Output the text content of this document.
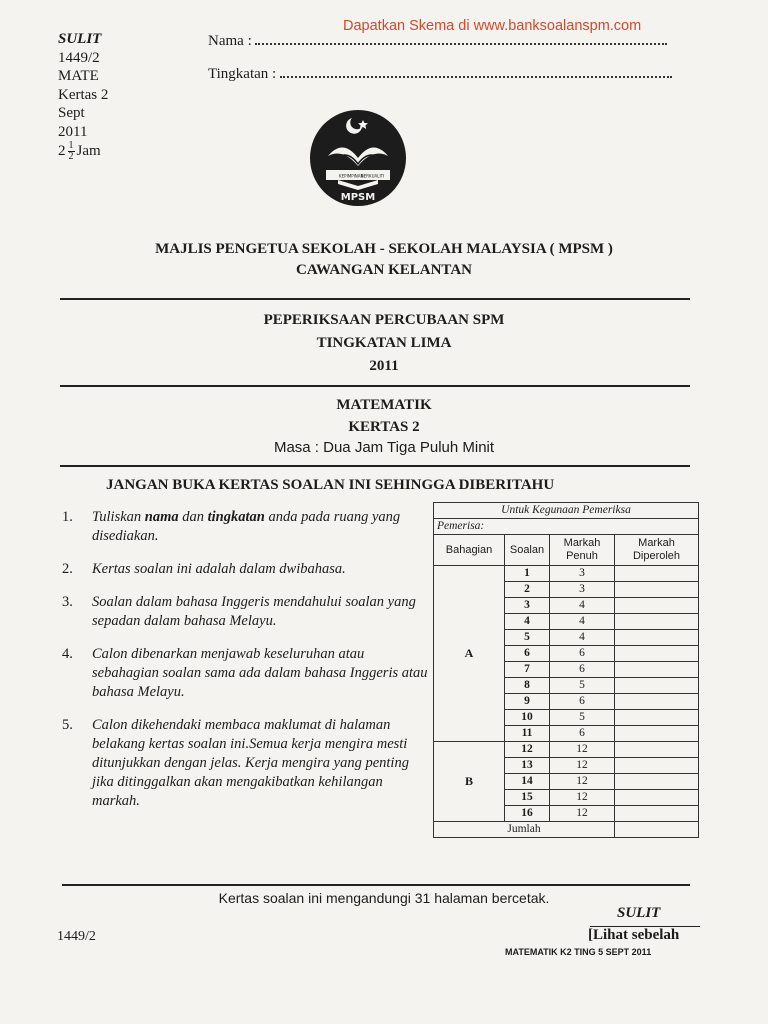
Dapatkan Skema di www.banksoalanspm.com
SULIT
1449/2
MATE
Kertas 2
Sept
2011
$2 \frac{1}{2}$ Jam
Nama :
Tingkatan :
KEPIMPINAN
BERKUALITI
MPSM
MAJLIS PENGETUA SEKOLAH - SEKOLAH MALAYSIA ( MPSM )
CAWANGAN KELANTAN
PEPERIKSAAN PERCUBAAN SPM
TINGKATAN LIMA
2011
MATEMATIK
KERTAS 2
Masa : Dua Jam Tiga Puluh Minit
JANGAN BUKA KERTAS SOALAN INI SEHINGGA DIBERITAHU
1. Tuliskan nama dan tingkatan anda pada ruang yang disediakan.
2. Kertas soalan ini adalah dalam dwibahasa.
3. Soalan dalam bahasa Inggeris mendahului soalan yang sepadan dalam bahasa Melayu.
4. Calon dibenarkan menjawab keseluruhan atau sebahagian soalan sama ada dalam bahasa Inggeris atau bahasa Melayu.
5. Calon dikehendaki membaca maklumat di halaman belakang kertas soalan ini.Semua kerja mengira mesti ditunjukkan dengan jelas. Kerja mengira yang penting jika ditinggalkan akan mengakibatkan kehilangan markah.
Untuk Kegunaan Pemeriksa			
Pemerisa:			
Bahagian	Soalan	Markah Penuh	Markah Diperoleh
A	1	3	
	2	3	
	3	4	
	4	4	
	5	4	
	6	6	
	7	6	
	8	5	
	9	6	
	10	5	
	11	6	
B	12	12	
	13	12	
	14	12	
	15	12	
	16	12	
Jumlah			
Kertas soalan ini mengandungi 31 halaman bercetak.
SULIT
1449/2	[Lihat sebelah
MATEMATIK K2 TING 5 SEPT 2011
